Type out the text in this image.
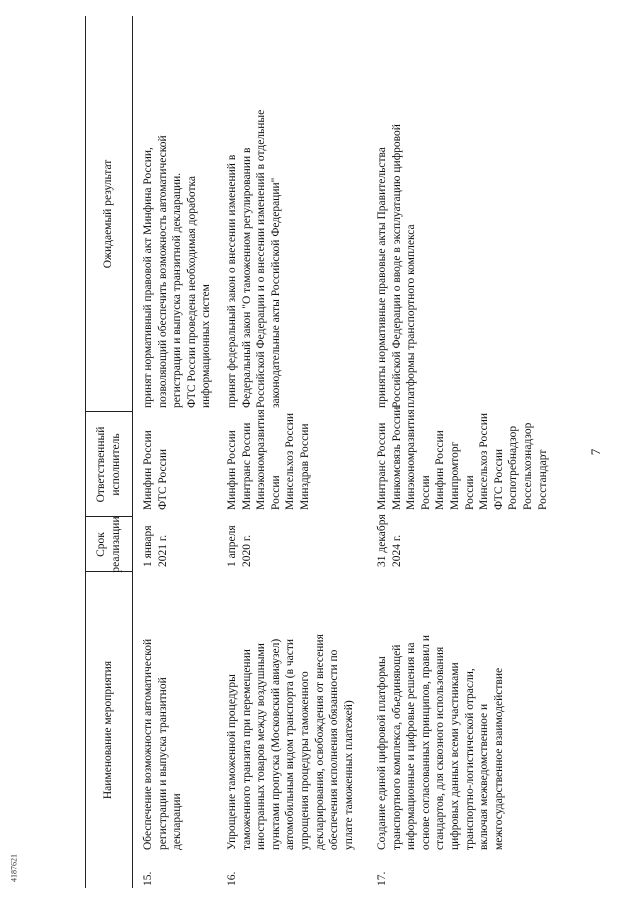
7
4187621
Наименование мероприятия
Срок реализации
Ответственный исполнитель
Ожидаемый результат
15.
Обеспечение возможности автоматической регистрации и выпуска транзитной декларации
1 января 2021 г.
Минфин России ФТС России
принят нормативный правовой акт Минфина России, позволяющий обеспечить возможность автоматической регистрации и выпуска транзитной декларации. ФТС России проведена необходимая доработка информационных систем
16.
Упрощение таможенной процедуры таможенного транзита при перемещении иностранных товаров между воздушными пунктами пропуска (Московский авиаузел) автомобильным видом транспорта (в части упрощения процедуры таможенного декларирования, освобождения от внесения обеспечения исполнения обязанности по уплате таможенных платежей)
1 апреля 2020 г.
Минфин России Минтранс России Минэкономразвития России Минсельхоз России Минздрав России
принят федеральный закон о внесении изменений в Федеральный закон "О таможенном регулировании в Российской Федерации и о внесении изменений в отдельные законодательные акты Российской Федерации"
17.
Создание единой цифровой платформы транспортного комплекса, объединяющей информационные и цифровые решения на основе согласованных принципов, правил и стандартов, для сквозного использования цифровых данных всеми участниками транспортно-логистической отрасли, включая межведомственное и межгосударственное взаимодействие
31 декабря 2024 г.
Минтранс России Минкомсвязь России Минэкономразвития России Минфин России Минпромторг России Минсельхоз России ФТС России Роспотребнадзор Россельхознадзор Росстандарт
приняты нормативные правовые акты Правительства Российской Федерации о вводе в эксплуатацию цифровой платформы транспортного комплекса
